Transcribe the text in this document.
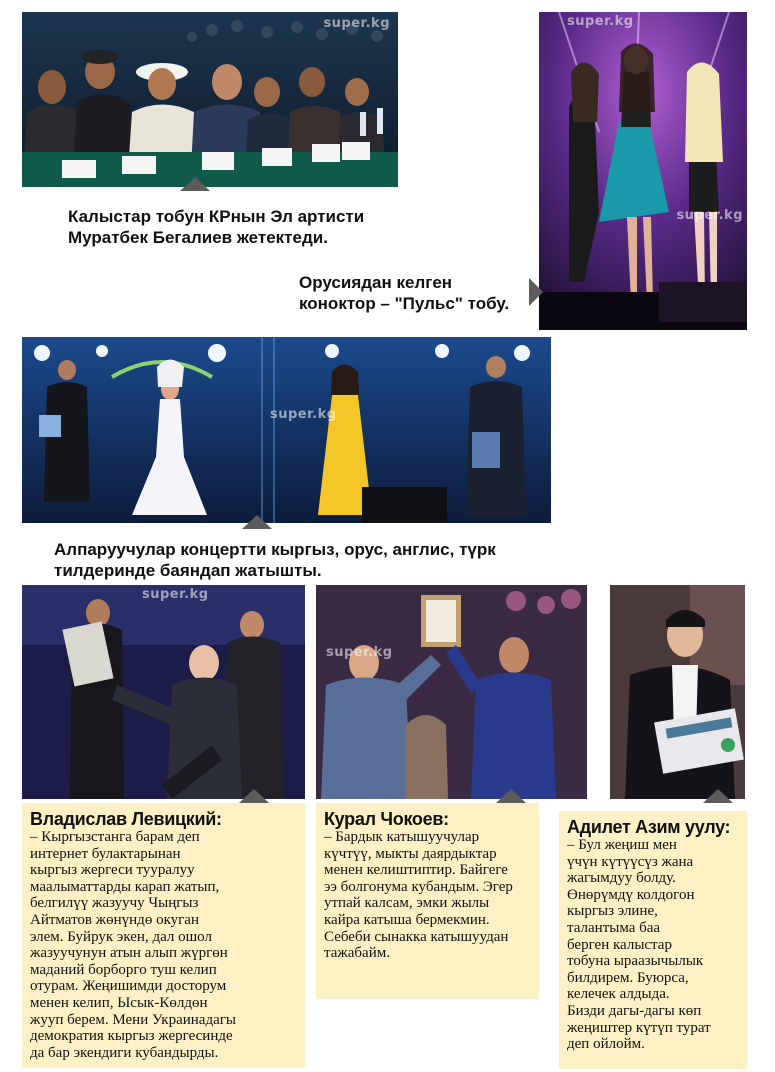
super.kg
Калыстар тобун КРнын Эл артисти
Муратбек Бегалиев жетектеди.
super.kg
super.kg
Орусиядан келген
коноктор – "Пульс" тобу.
super.kg
Алпаруучулар концертти кыргыз, орус, англис, түрк
тилдеринде баяндап жатышты.
super.kg
super.kg
Владислав Левицкий:
– Кыргызстанга барам деп
интернет булактарынан
кыргыз жергеси тууралуу
маалыматтарды карап жатып,
белгилүү жазуучу Чыңгыз
Айтматов жөнүндө окуган
элем. Буйрук экен, дал ошол
жазуучунун атын алып жүргөн
маданий борборго туш келип
отурам. Жеңишимди досторум
менен келип, Ысык-Көлдөн
жууп берем. Мени Украинадагы
демократия кыргыз жергесинде
да бар экендиги кубандырды.
Курал Чокоев:
– Бардык катышуучулар
күчтүү, мыкты даярдыктар
менен келиштиптир. Байгеге
ээ болгонума кубандым. Эгер
утпай калсам, эмки жылы
кайра катыша бермекмин.
Себеби сынакка катышуудан
тажабайм.
Адилет Азим уулу:
– Бул жеңиш мен
үчүн күтүүсүз жана
жагымдуу болду.
Өнөрүмдү колдогон
кыргыз элине,
талантыма баа
берген калыстар
тобуна ыраазычылык
билдирем. Буюрса,
келечек алдыда.
Бизди дагы-дагы көп
жеңиштер күтүп турат
деп ойлойм.
